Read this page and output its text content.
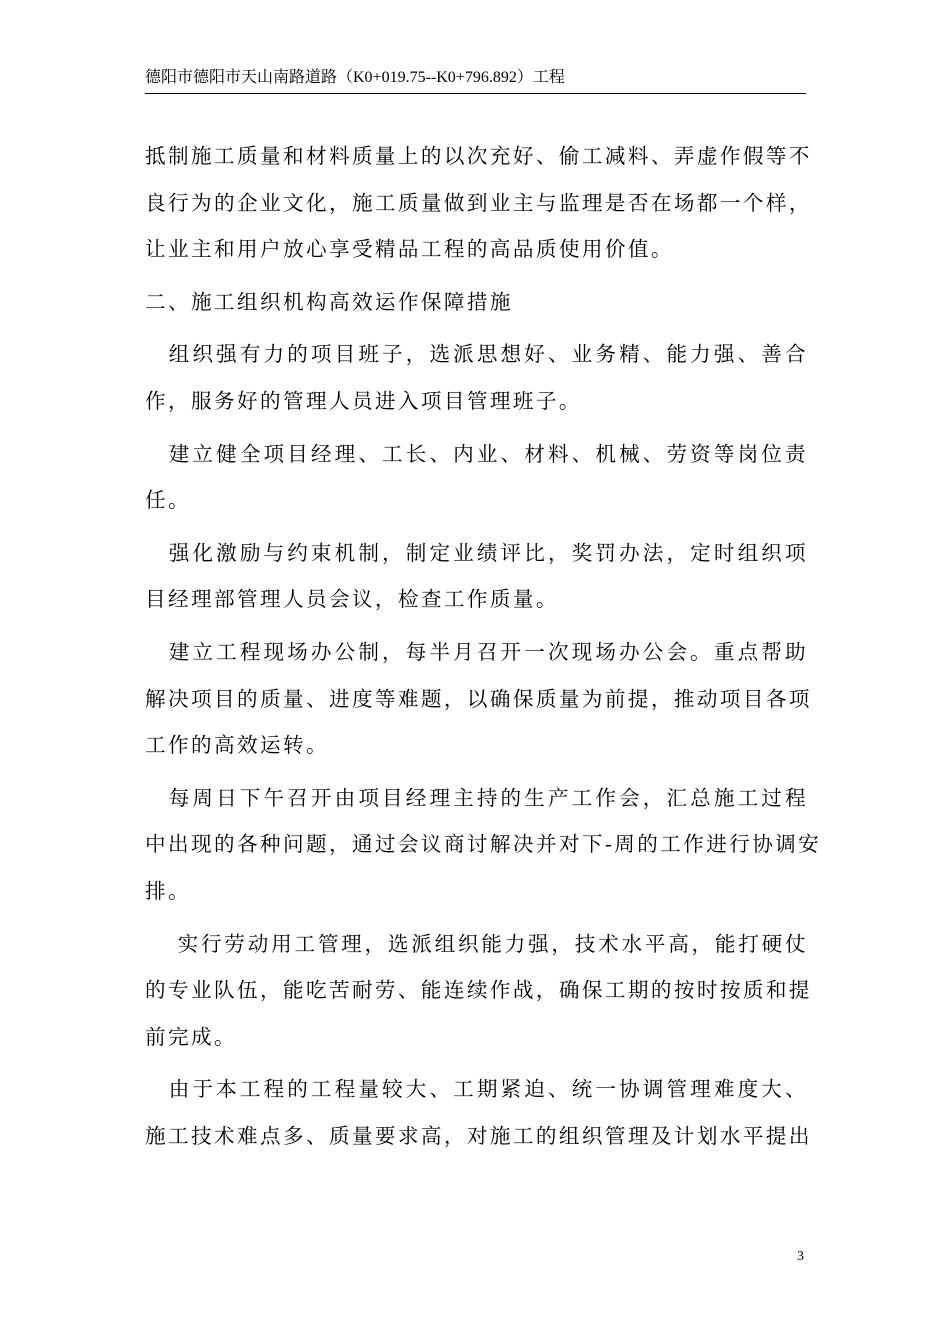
德阳市德阳市天山南路道路（K0+019.75--K0+796.892）工程

抵制施工质量和材料质量上的以次充好、偷工减料、弄虚作假等不
良行为的企业文化，施工质量做到业主与监理是否在场都一个样，
让业主和用户放心享受精品工程的高品质使用价值。

二、施工组织机构高效运作保障措施

　组织强有力的项目班子，选派思想好、业务精、能力强、善合
作，服务好的管理人员进入项目管理班子。

　建立健全项目经理、工长、内业、材料、机械、劳资等岗位责
任。

　强化激励与约束机制，制定业绩评比，奖罚办法，定时组织项
目经理部管理人员会议，检查工作质量。

　建立工程现场办公制，每半月召开一次现场办公会。重点帮助
解决项目的质量、进度等难题，以确保质量为前提，推动项目各项
工作的高效运转。

　每周日下午召开由项目经理主持的生产工作会，汇总施工过程
中出现的各种问题，通过会议商讨解决并对下-周的工作进行协调安
排。

　 实行劳动用工管理，选派组织能力强，技术水平高，能打硬仗
的专业队伍，能吃苦耐劳、能连续作战，确保工期的按时按质和提
前完成。

　由于本工程的工程量较大、工期紧迫、统一协调管理难度大、
施工技术难点多、质量要求高，对施工的组织管理及计划水平提出

3
